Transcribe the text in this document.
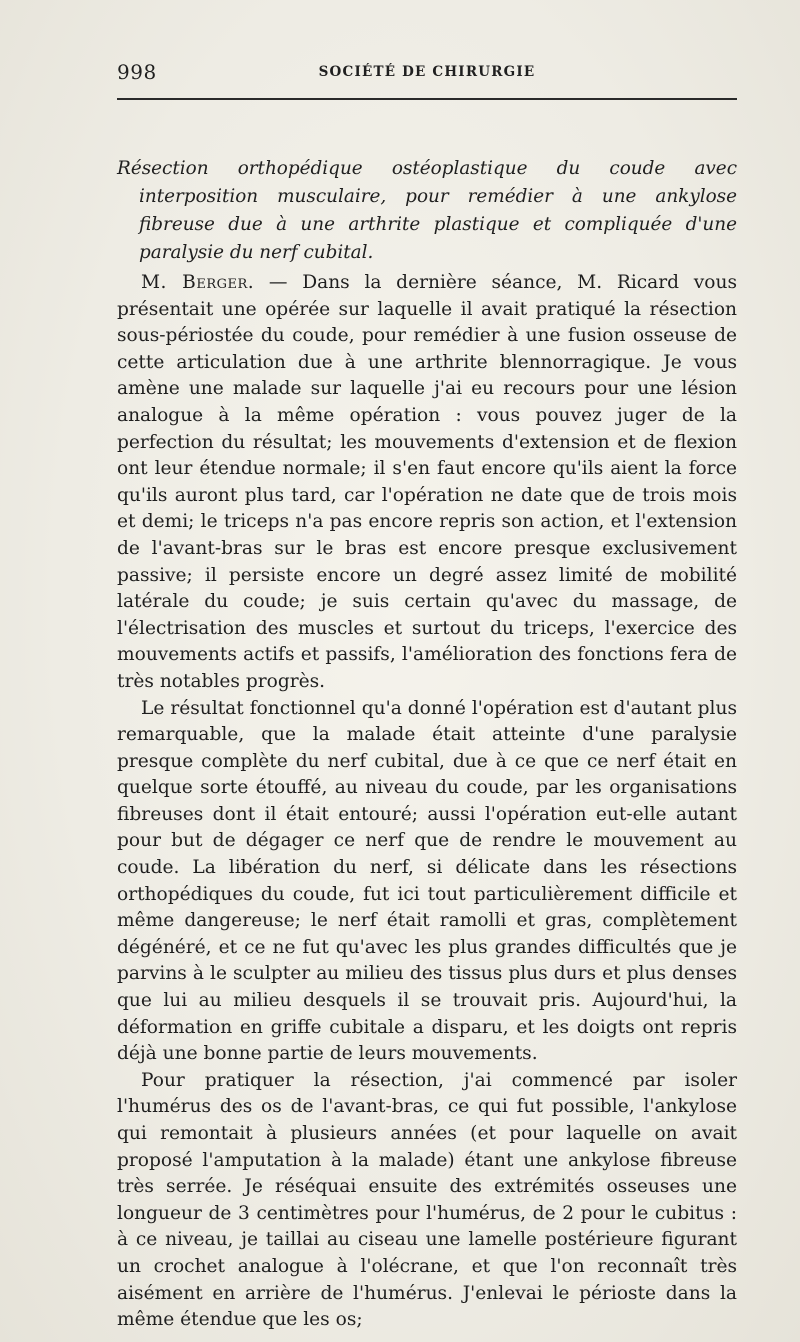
998	SOCIÉTÉ DE CHIRURGIE
Résection orthopédique ostéoplastique du coude avec interposition musculaire, pour remédier à une ankylose fibreuse due à une arthrite plastique et compliquée d'une paralysie du nerf cubital.

M. Berger. — Dans la dernière séance, M. Ricard vous présentait une opérée sur laquelle il avait pratiqué la résection sous-périostée du coude, pour remédier à une fusion osseuse de cette articulation due à une arthrite blennorragique. Je vous amène une malade sur laquelle j'ai eu recours pour une lésion analogue à la même opération : vous pouvez juger de la perfection du résultat; les mouvements d'extension et de flexion ont leur étendue normale; il s'en faut encore qu'ils aient la force qu'ils auront plus tard, car l'opération ne date que de trois mois et demi; le triceps n'a pas encore repris son action, et l'extension de l'avant-bras sur le bras est encore presque exclusivement passive; il persiste encore un degré assez limité de mobilité latérale du coude; je suis certain qu'avec du massage, de l'électrisation des muscles et surtout du triceps, l'exercice des mouvements actifs et passifs, l'amélioration des fonctions fera de très notables progrès.

Le résultat fonctionnel qu'a donné l'opération est d'autant plus remarquable, que la malade était atteinte d'une paralysie presque complète du nerf cubital, due à ce que ce nerf était en quelque sorte étouffé, au niveau du coude, par les organisations fibreuses dont il était entouré; aussi l'opération eut-elle autant pour but de dégager ce nerf que de rendre le mouvement au coude. La libération du nerf, si délicate dans les résections orthopédiques du coude, fut ici tout particulièrement difficile et même dangereuse; le nerf était ramolli et gras, complètement dégénéré, et ce ne fut qu'avec les plus grandes difficultés que je parvins à le sculpter au milieu des tissus plus durs et plus denses que lui au milieu desquels il se trouvait pris. Aujourd'hui, la déformation en griffe cubitale a disparu, et les doigts ont repris déjà une bonne partie de leurs mouvements.

Pour pratiquer la résection, j'ai commencé par isoler l'humérus des os de l'avant-bras, ce qui fut possible, l'ankylose qui remontait à plusieurs années (et pour laquelle on avait proposé l'amputation à la malade) étant une ankylose fibreuse très serrée. Je réséquai ensuite des extrémités osseuses une longueur de 3 centimètres pour l'humérus, de 2 pour le cubitus : à ce niveau, je taillai au ciseau une lamelle postérieure figurant un crochet analogue à l'olécrane, et que l'on reconnaît très aisément en arrière de l'humérus. J'enlevai le périoste dans la même étendue que les os;
